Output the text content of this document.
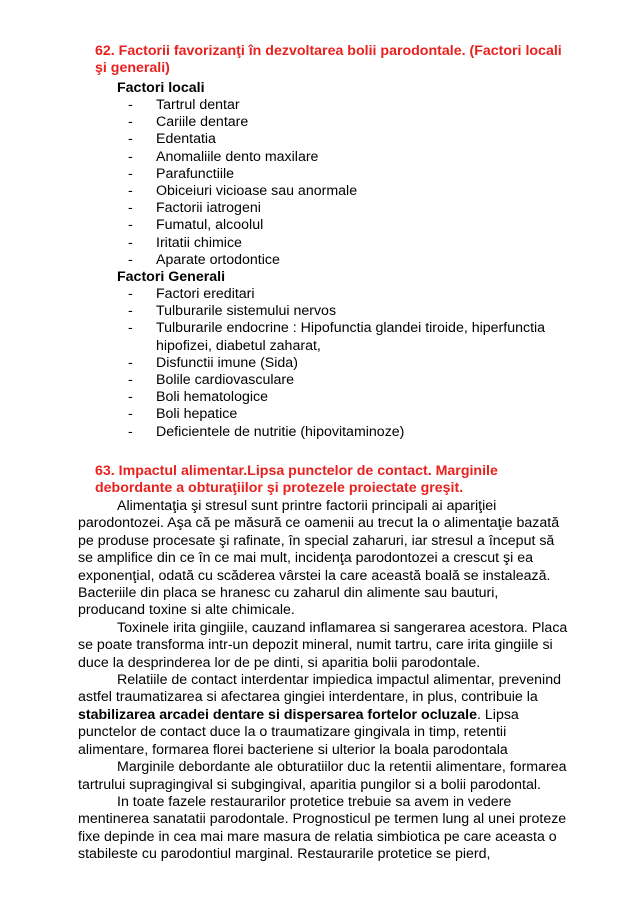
62. Factorii favorizanţi în dezvoltarea bolii parodontale. (Factori locali şi generali)
Factori locali
- Tartrul dentar
- Cariile dentare
- Edentatia
- Anomaliile dento maxilare
- Parafunctiile
- Obiceiuri vicioase sau anormale
- Factorii iatrogeni
- Fumatul, alcoolul
- Iritatii chimice
- Aparate ortodontice
Factori Generali
- Factori ereditari
- Tulburarile sistemului nervos
- Tulburarile endocrine : Hipofunctia glandei tiroide, hiperfunctia hipofizei, diabetul zaharat,
- Disfunctii imune (Sida)
- Bolile cardiovasculare
- Boli hematologice
- Boli hepatice
- Deficientele de nutritie (hipovitaminoze)
63. Impactul alimentar.Lipsa punctelor de contact. Marginile debordante a obturaţiilor şi protezele proiectate greşit.

Alimentaţia şi stresul sunt printre factorii principali ai apariţiei parodontozei. Aşa că pe măsură ce oamenii au trecut la o alimentaţie bazată pe produse procesate şi rafinate, în special zaharuri, iar stresul a început să se amplifice din ce în ce mai mult, incidenţa parodontozei a crescut şi ea exponenţial, odată cu scăderea vârstei la care această boală se instalează. Bacteriile din placa se hranesc cu zaharul din alimente sau bauturi, producand toxine si alte chimicale.

Toxinele irita gingiile, cauzand inflamarea si sangerarea acestora. Placa se poate transforma intr-un depozit mineral, numit tartru, care irita gingiile si duce la desprinderea lor de pe dinti, si aparitia bolii parodontale.

Relatiile de contact interdentar impiedica impactul alimentar, prevenind astfel traumatizarea si afectarea gingiei interdentare, in plus, contribuie la stabilizarea arcadei dentare si dispersarea fortelor ocluzale. Lipsa punctelor de contact duce la o traumatizare gingivala in timp, retentii alimentare, formarea florei bacteriene si ulterior la boala parodontala

Marginile debordante ale obturatiilor duc la retentii alimentare, formarea tartrului supragingival si subgingival, aparitia pungilor si a bolii parodontal.

In toate fazele restaurarilor protetice trebuie sa avem in vedere mentinerea sanatatii parodontale. Prognosticul pe termen lung al unei proteze fixe depinde in cea mai mare masura de relatia simbiotica pe care aceasta o stabileste cu parodontiul marginal. Restaurarile protetice se pierd,
